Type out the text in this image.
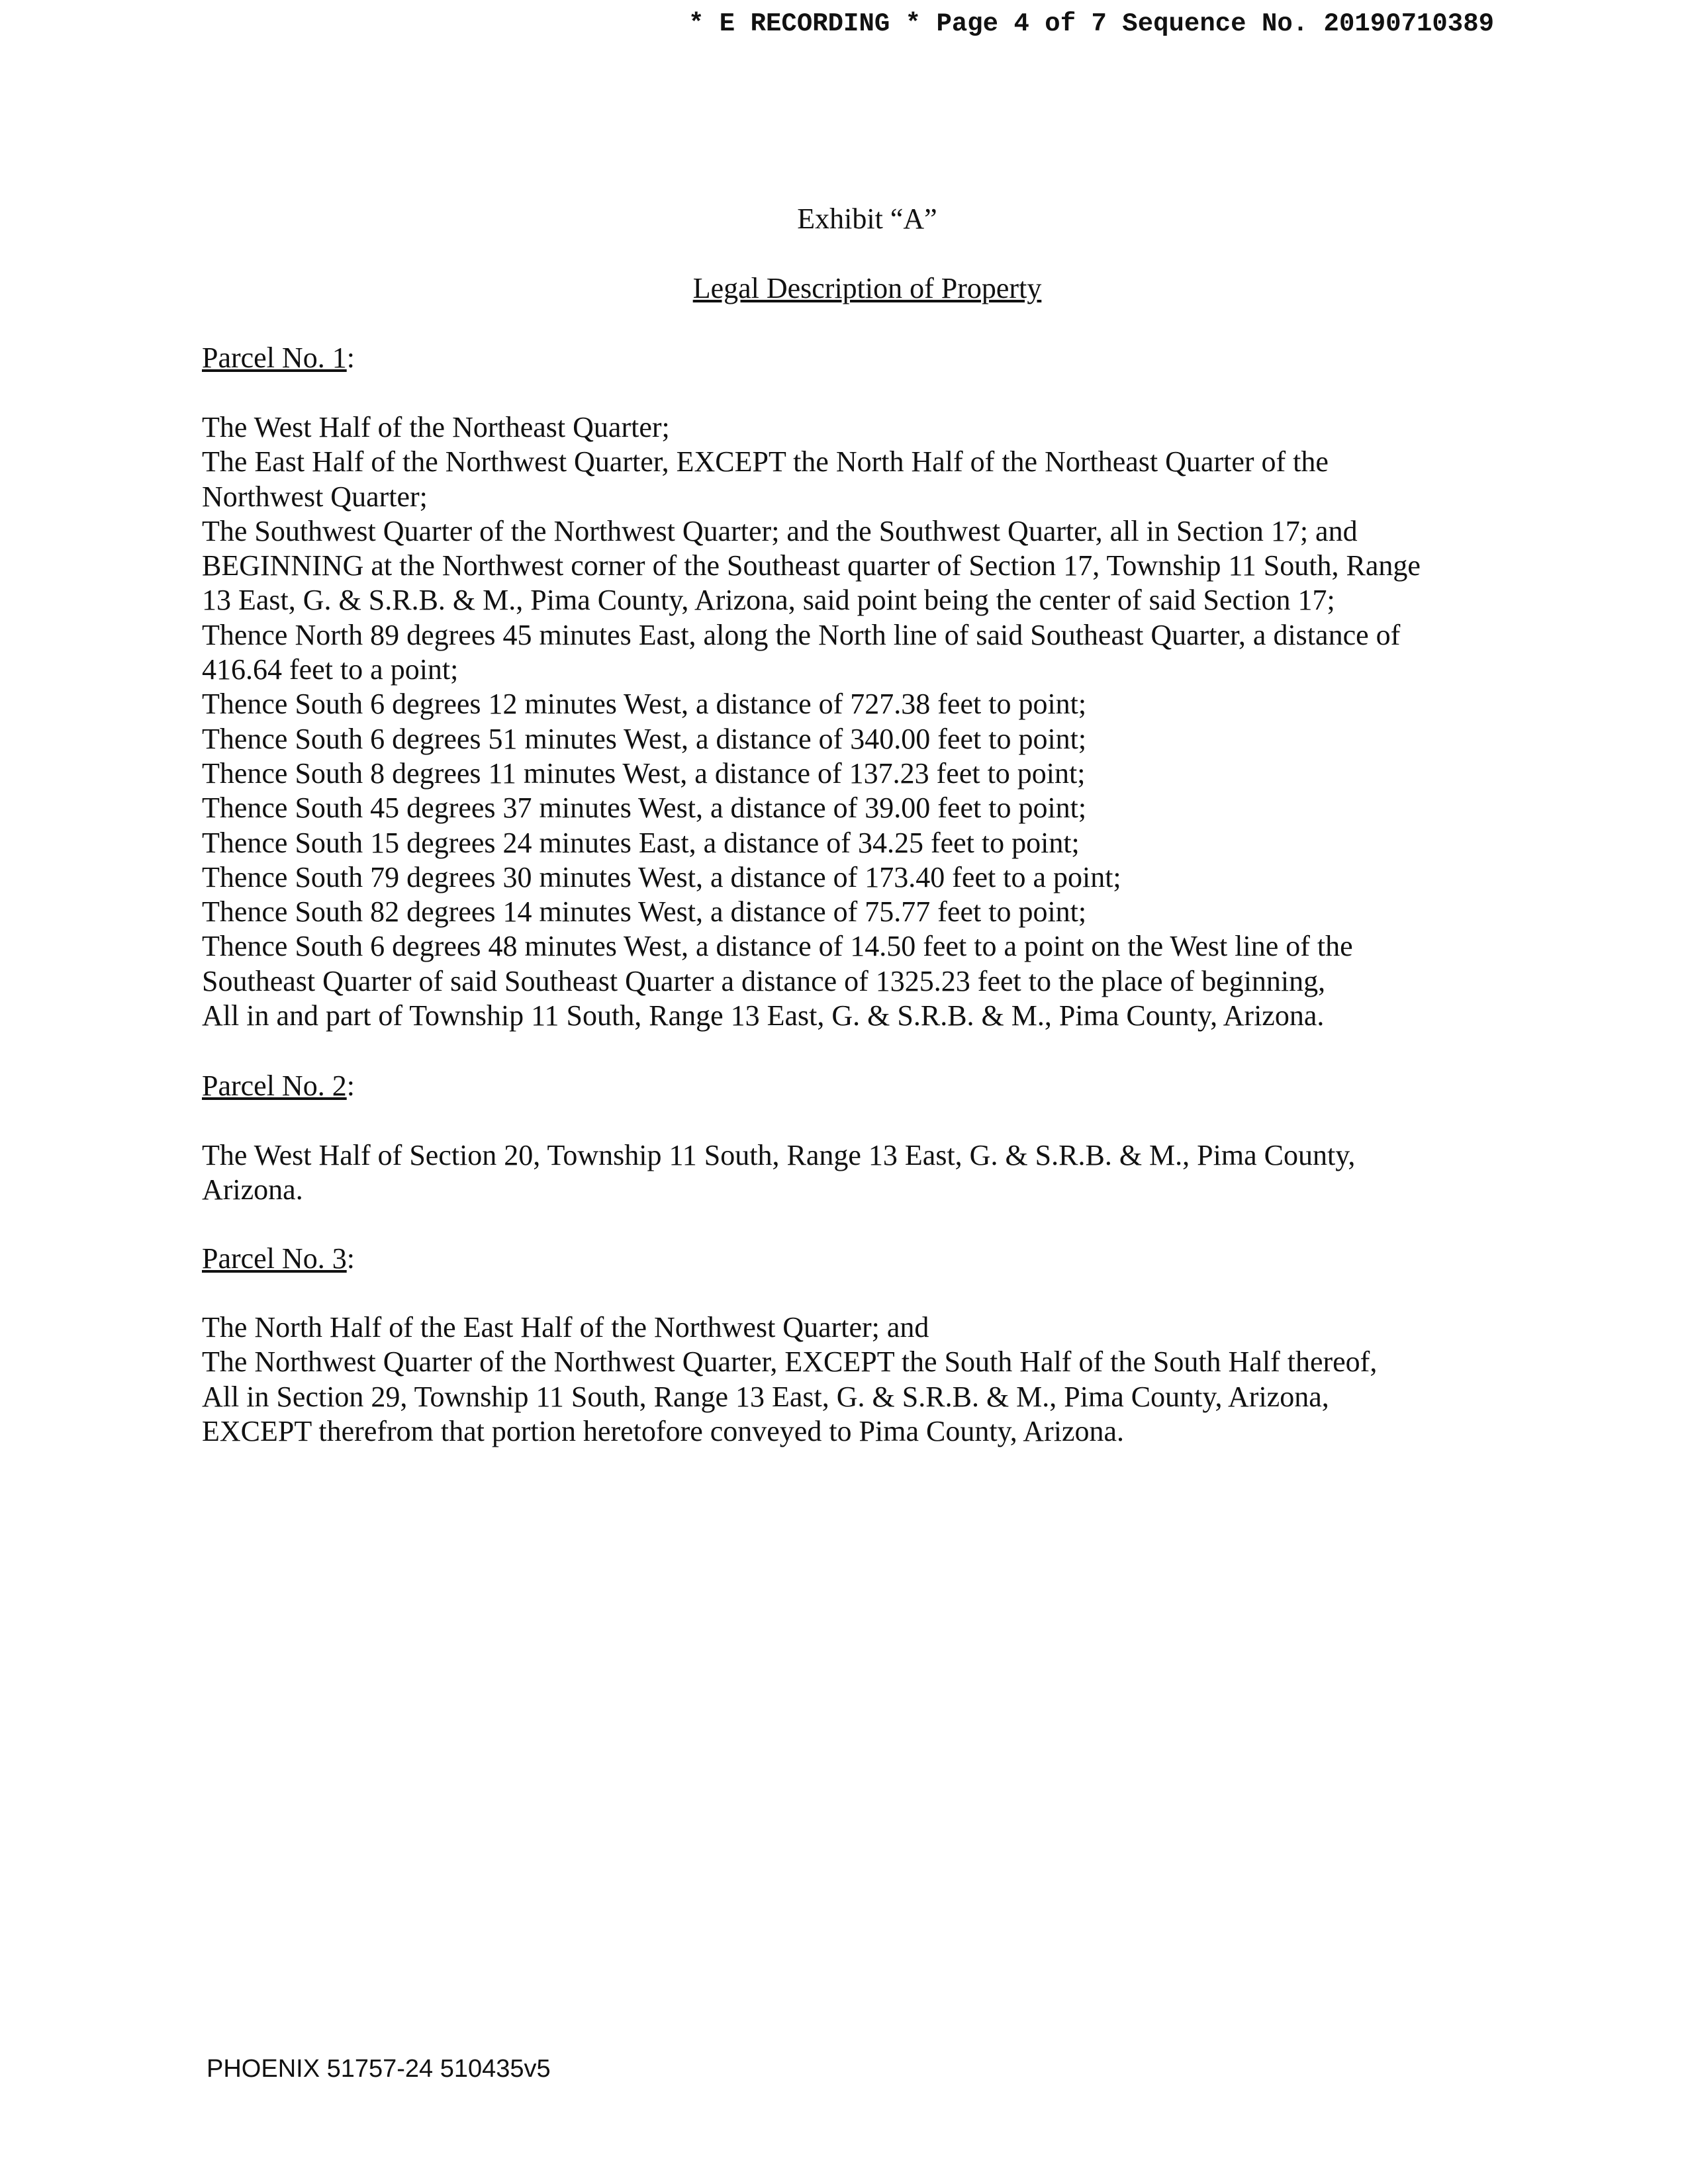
* E RECORDING * Page 4 of 7 Sequence No. 20190710389
Exhibit “A”
Legal Description of Property
Parcel No. 1:
The West Half of the Northeast Quarter;
The East Half of the Northwest Quarter, EXCEPT the North Half of the Northeast Quarter of the
Northwest Quarter;
The Southwest Quarter of the Northwest Quarter; and the Southwest Quarter, all in Section 17; and
BEGINNING at the Northwest corner of the Southeast quarter of Section 17, Township 11 South, Range
13 East, G. & S.R.B. & M., Pima County, Arizona, said point being the center of said Section 17;
Thence North 89 degrees 45 minutes East, along the North line of said Southeast Quarter, a distance of
416.64 feet to a point;
Thence South 6 degrees 12 minutes West, a distance of 727.38 feet to point;
Thence South 6 degrees 51 minutes West, a distance of 340.00 feet to point;
Thence South 8 degrees 11 minutes West, a distance of 137.23 feet to point;
Thence South 45 degrees 37 minutes West, a distance of 39.00 feet to point;
Thence South 15 degrees 24 minutes East, a distance of 34.25 feet to point;
Thence South 79 degrees 30 minutes West, a distance of 173.40 feet to a point;
Thence South 82 degrees 14 minutes West, a distance of 75.77 feet to point;
Thence South 6 degrees 48 minutes West, a distance of 14.50 feet to a point on the West line of the
Southeast Quarter of said Southeast Quarter a distance of 1325.23 feet to the place of beginning,
All in and part of Township 11 South, Range 13 East, G. & S.R.B. & M., Pima County, Arizona.
Parcel No. 2:
The West Half of Section 20, Township 11 South, Range 13 East, G. & S.R.B. & M., Pima County,
Arizona.
Parcel No. 3:
The North Half of the East Half of the Northwest Quarter; and
The Northwest Quarter of the Northwest Quarter, EXCEPT the South Half of the South Half thereof,
All in Section 29, Township 11 South, Range 13 East, G. & S.R.B. & M., Pima County, Arizona,
EXCEPT therefrom that portion heretofore conveyed to Pima County, Arizona.
PHOENIX 51757-24 510435v5
